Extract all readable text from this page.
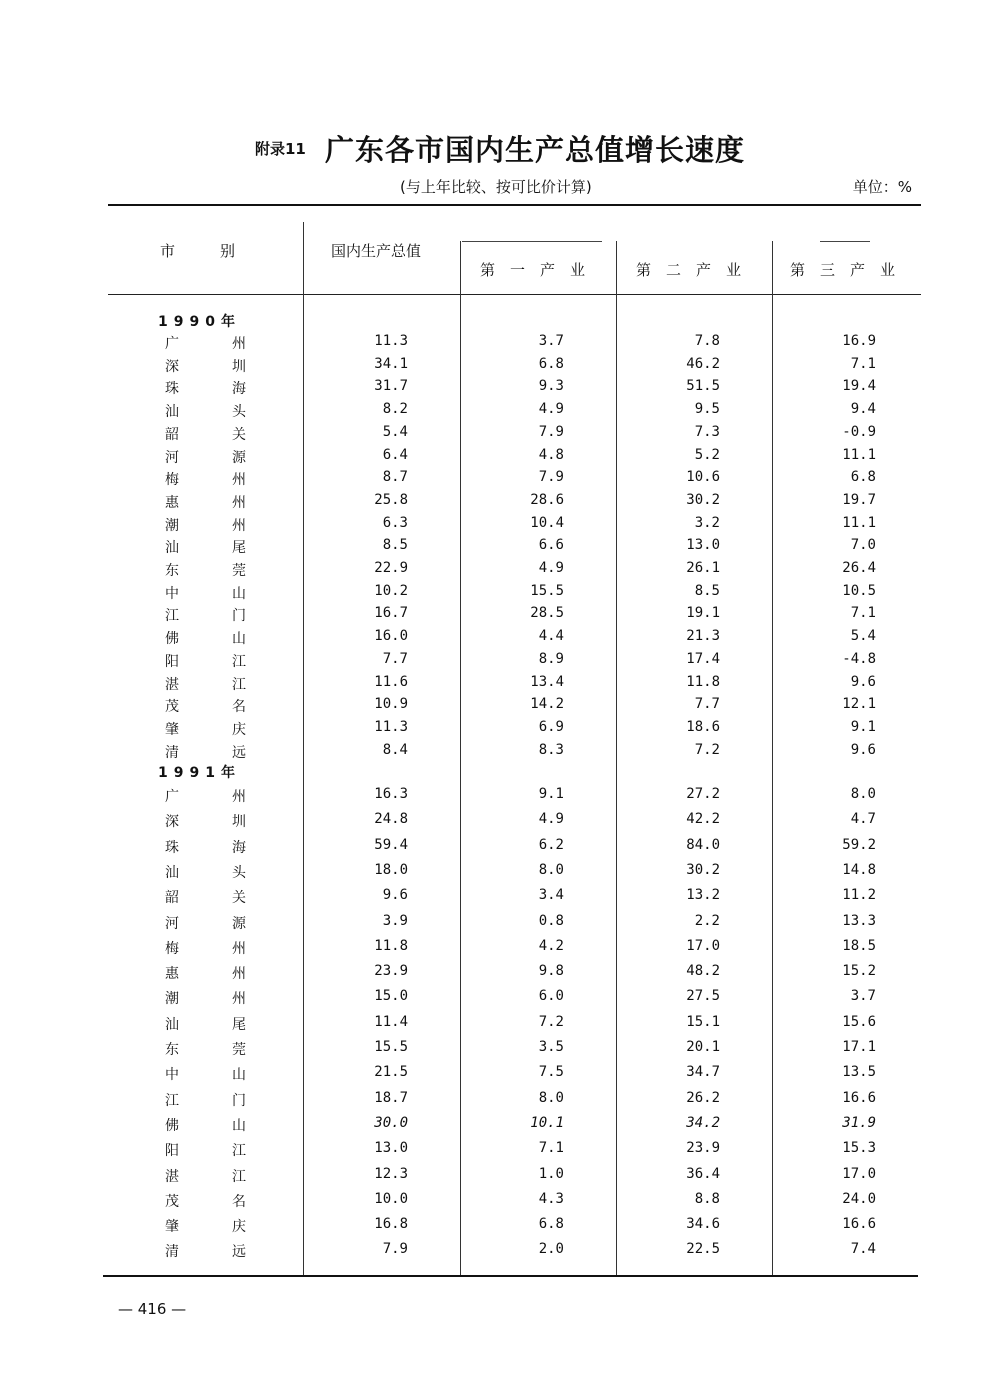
附录11 广东各市国内生产总值增长速度
(与上年比较、按可比价计算)	单位：%
市　　　别	国内生产总值
第　一　产　业	第　二　产　业	第　三　产　业
1990年
广	州	11.3	3.7	7.8	16.9
深	圳	34.1	6.8	46.2	7.1
珠	海	31.7	9.3	51.5	19.4
汕	头	8.2	4.9	9.5	9.4
韶	关	5.4	7.9	7.3	-0.9
河	源	6.4	4.8	5.2	11.1
梅	州	8.7	7.9	10.6	6.8
惠	州	25.8	28.6	30.2	19.7
潮	州	6.3	10.4	3.2	11.1
汕	尾	8.5	6.6	13.0	7.0
东	莞	22.9	4.9	26.1	26.4
中	山	10.2	15.5	8.5	10.5
江	门	16.7	28.5	19.1	7.1
佛	山	16.0	4.4	21.3	5.4
阳	江	7.7	8.9	17.4	-4.8
湛	江	11.6	13.4	11.8	9.6
茂	名	10.9	14.2	7.7	12.1
肇	庆	11.3	6.9	18.6	9.1
清	远	8.4	8.3	7.2	9.6
1991年
广	州	16.3	9.1	27.2	8.0
深	圳	24.8	4.9	42.2	4.7
珠	海	59.4	6.2	84.0	59.2
汕	头	18.0	8.0	30.2	14.8
韶	关	9.6	3.4	13.2	11.2
河	源	3.9	0.8	2.2	13.3
梅	州	11.8	4.2	17.0	18.5
惠	州	23.9	9.8	48.2	15.2
潮	州	15.0	6.0	27.5	3.7
汕	尾	11.4	7.2	15.1	15.6
东	莞	15.5	3.5	20.1	17.1
中	山	21.5	7.5	34.7	13.5
江	门	18.7	8.0	26.2	16.6
佛	山	30.0	10.1	34.2	31.9
阳	江	13.0	7.1	23.9	15.3
湛	江	12.3	1.0	36.4	17.0
茂	名	10.0	4.3	8.8	24.0
肇	庆	16.8	6.8	34.6	16.6
清	远	7.9	2.0	22.5	7.4
— 416 —
